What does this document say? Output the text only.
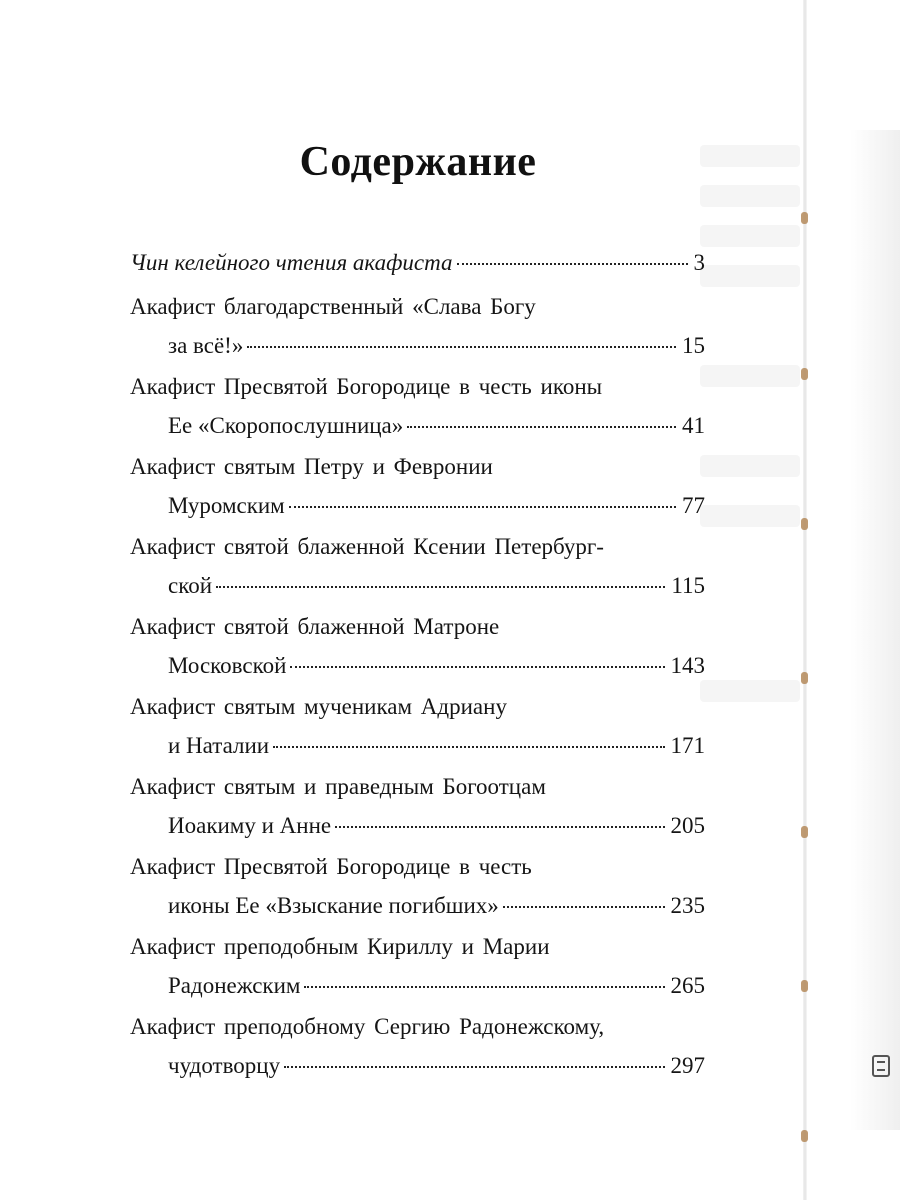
Содержание
Чин келейного чтения акафиста	3
Акафист благодарственный «Слава Богу
за всё!»	15
Акафист Пресвятой Богородице в честь иконы
Ее «Скоропослушница»	41
Акафист святым Петру и Февронии
Муромским	77
Акафист святой блаженной Ксении Петербург-
ской	115
Акафист святой блаженной Матроне
Московской	143
Акафист святым мученикам Адриану
и Наталии	171
Акафист святым и праведным Богоотцам
Иоакиму и Анне	205
Акафист Пресвятой Богородице в честь
иконы Ее «Взыскание погибших»	235
Акафист преподобным Кириллу и Марии
Радонежским	265
Акафист преподобному Сергию Радонежскому,
чудотворцу	297
